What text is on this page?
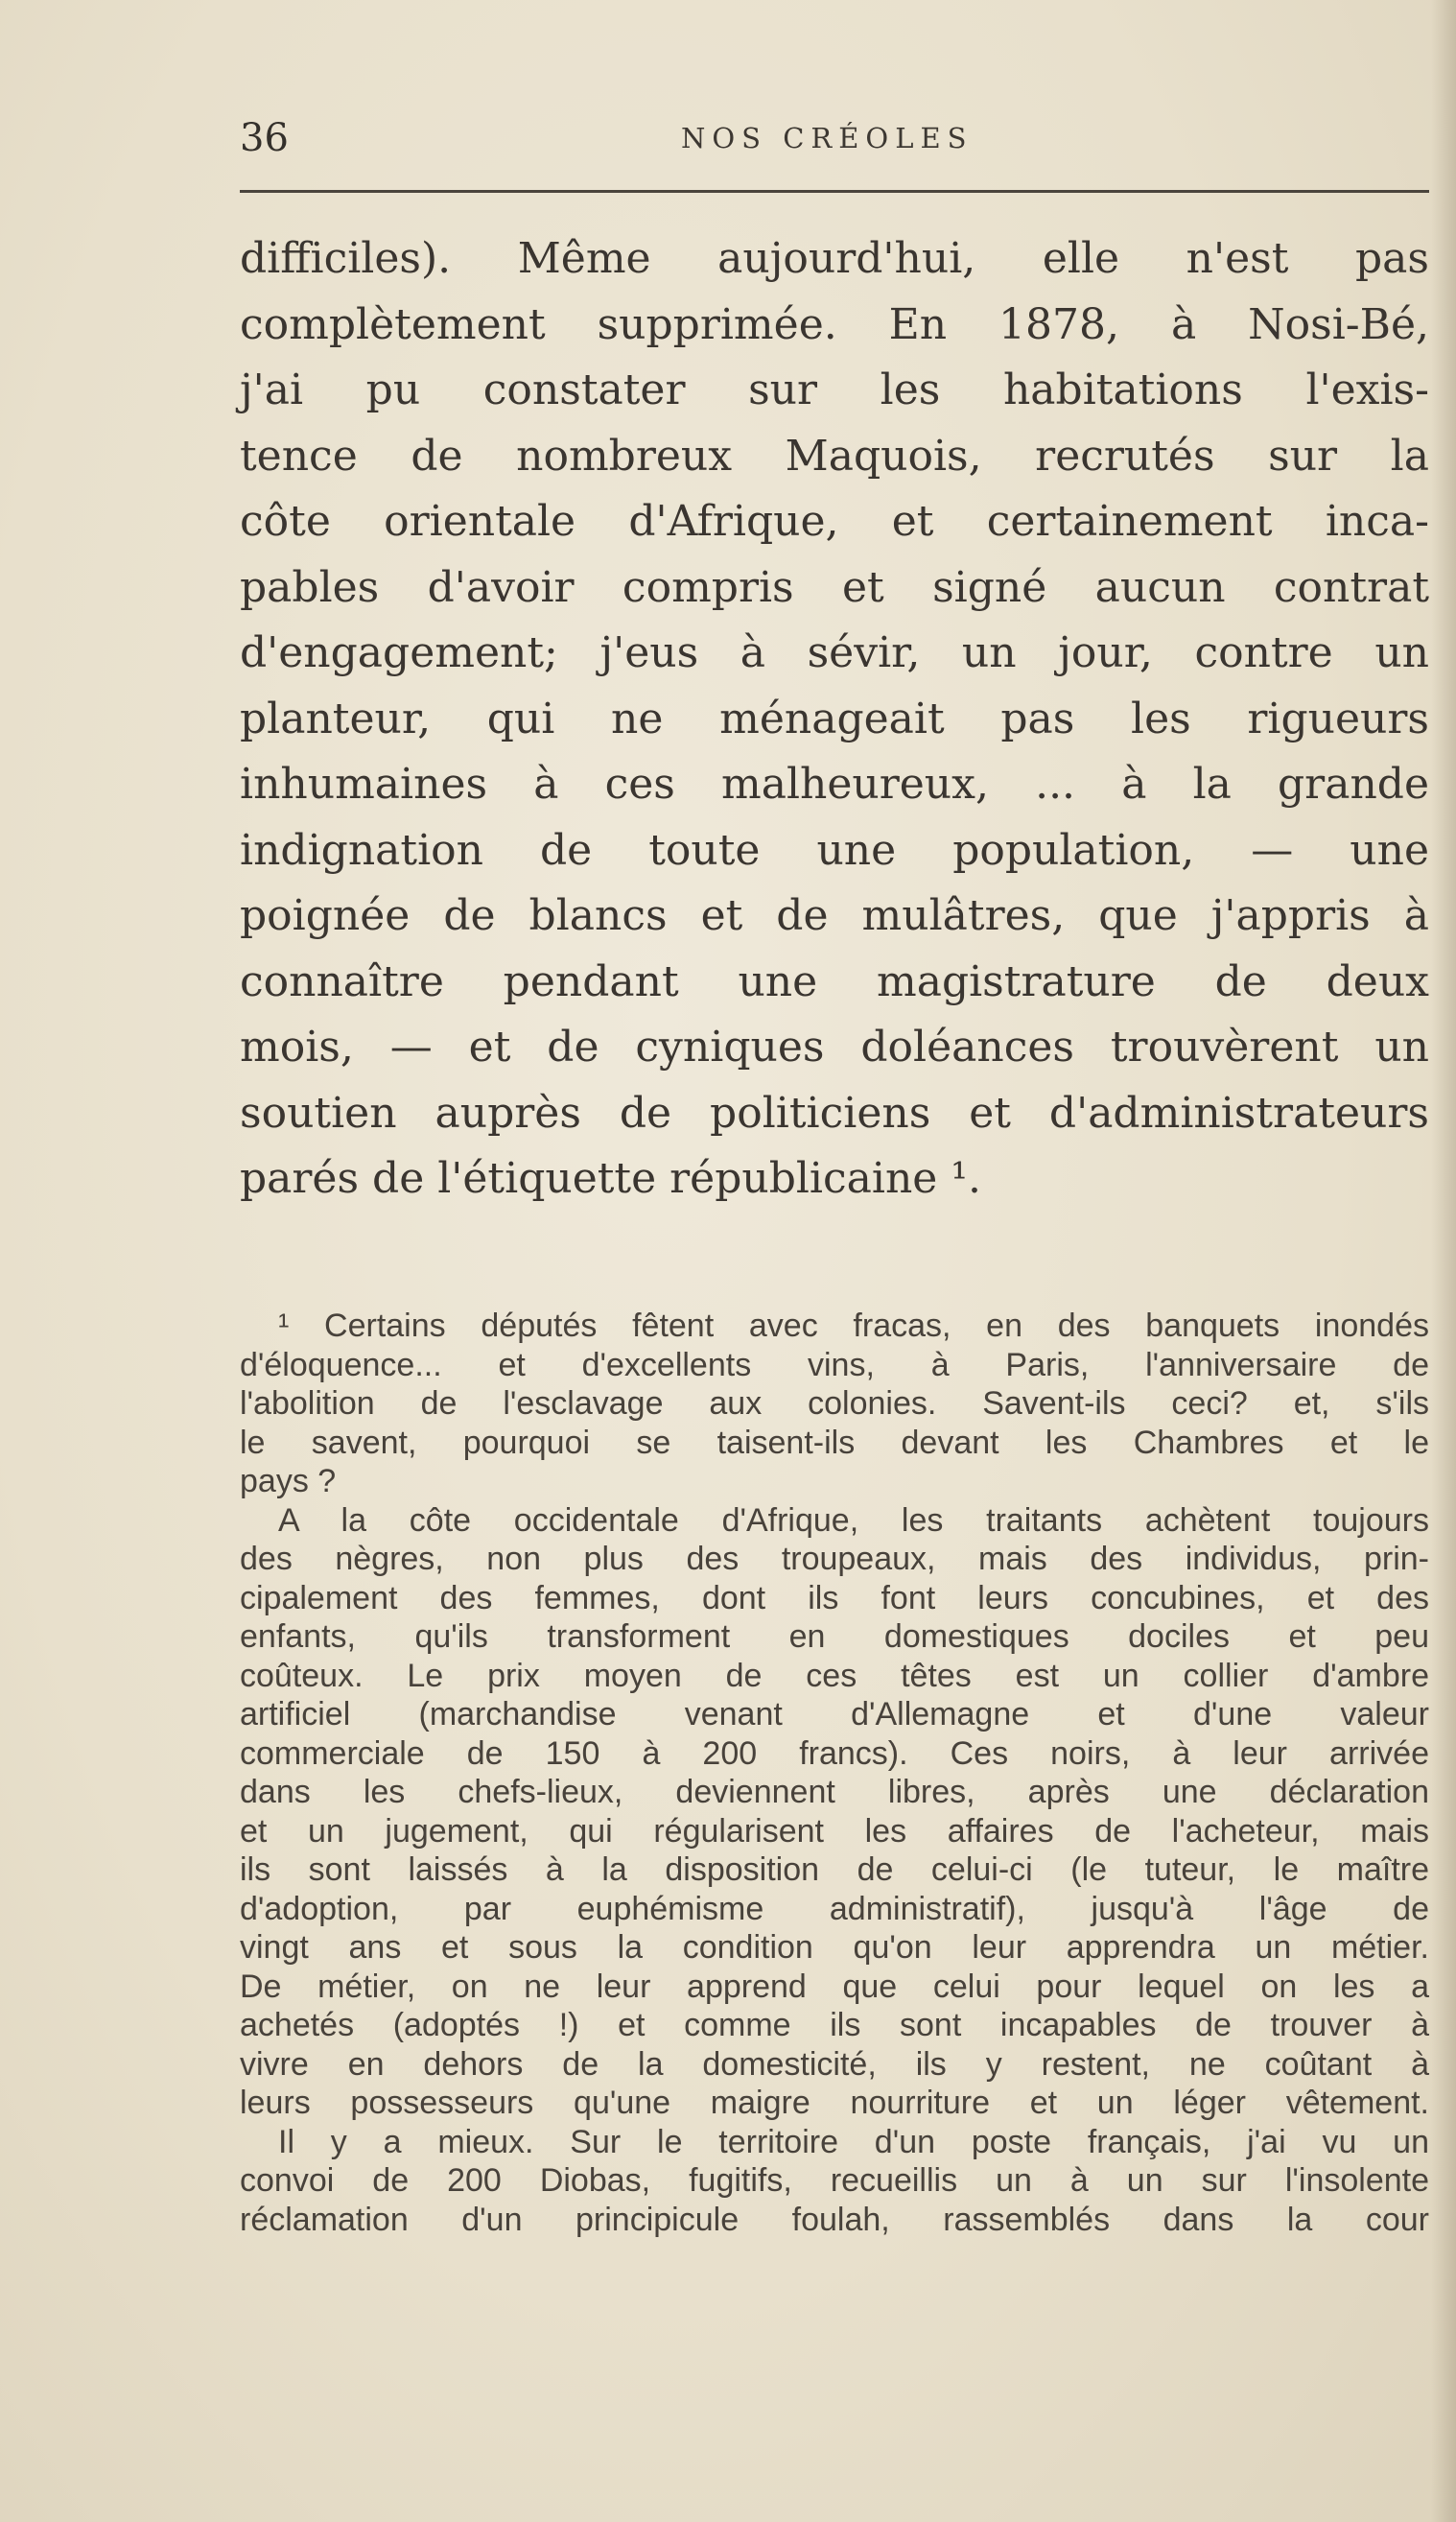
36	NOS CRÉOLES
difficiles). Même aujourd'hui, elle n'est pas
complètement supprimée. En 1878, à Nosi-Bé,
j'ai pu constater sur les habitations l'exis-
tence de nombreux Maquois, recrutés sur la
côte orientale d'Afrique, et certainement inca-
pables d'avoir compris et signé aucun contrat
d'engagement; j'eus à sévir, un jour, contre un
planteur, qui ne ménageait pas les rigueurs
inhumaines à ces malheureux, ... à la grande
indignation de toute une population, — une
poignée de blancs et de mulâtres, que j'appris à
connaître pendant une magistrature de deux
mois, — et de cyniques doléances trouvèrent un
soutien auprès de politiciens et d'administrateurs
parés de l'étiquette républicaine ¹.
¹ Certains députés fêtent avec fracas, en des banquets inondés
d'éloquence... et d'excellents vins, à Paris, l'anniversaire de
l'abolition de l'esclavage aux colonies. Savent-ils ceci? et, s'ils
le savent, pourquoi se taisent-ils devant les Chambres et le
pays ?
A la côte occidentale d'Afrique, les traitants achètent toujours
des nègres, non plus des troupeaux, mais des individus, prin-
cipalement des femmes, dont ils font leurs concubines, et des
enfants, qu'ils transforment en domestiques dociles et peu
coûteux. Le prix moyen de ces têtes est un collier d'ambre
artificiel (marchandise venant d'Allemagne et d'une valeur
commerciale de 150 à 200 francs). Ces noirs, à leur arrivée
dans les chefs-lieux, deviennent libres, après une déclaration
et un jugement, qui régularisent les affaires de l'acheteur, mais
ils sont laissés à la disposition de celui-ci (le tuteur, le maître
d'adoption, par euphémisme administratif), jusqu'à l'âge de
vingt ans et sous la condition qu'on leur apprendra un métier.
De métier, on ne leur apprend que celui pour lequel on les a
achetés (adoptés !) et comme ils sont incapables de trouver à
vivre en dehors de la domesticité, ils y restent, ne coûtant à
leurs possesseurs qu'une maigre nourriture et un léger vêtement.
Il y a mieux. Sur le territoire d'un poste français, j'ai vu un
convoi de 200 Diobas, fugitifs, recueillis un à un sur l'insolente
réclamation d'un principicule foulah, rassemblés dans la cour
